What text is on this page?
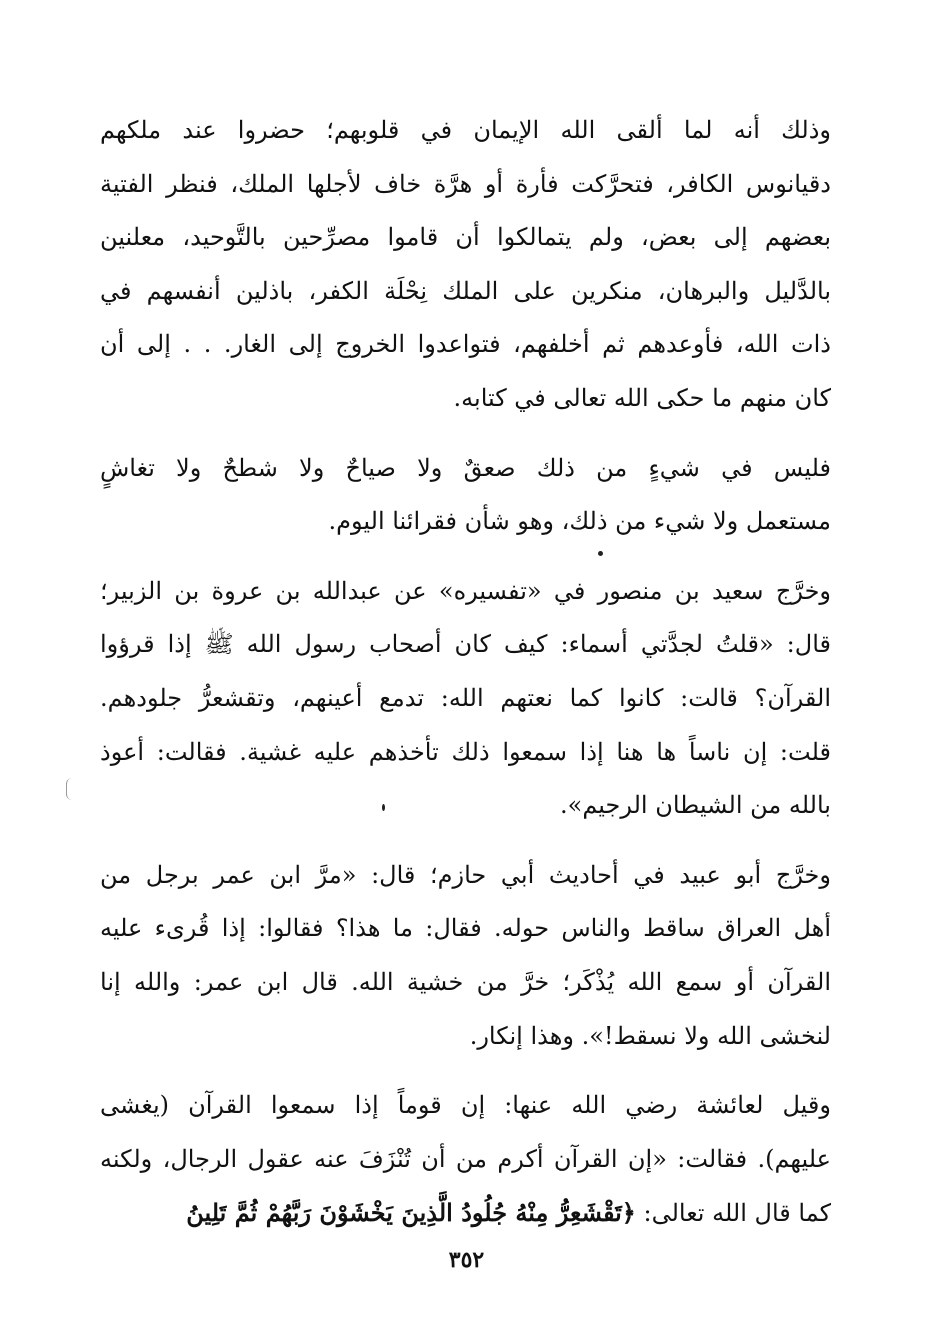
وذلك أنه لما ألقى الله الإيمان في قلوبهم؛ حضروا عند ملكهم
دقيانوس الكافر، فتحرَّكت فأرة أو هرَّة خاف لأجلها الملك، فنظر الفتية
بعضهم إلى بعض، ولم يتمالكوا أن قاموا مصرِّحين بالتَّوحيد، معلنين
بالدَّليل والبرهان، منكرين على الملك نِحْلَة الكفر، باذلين أنفسهم في
ذات الله، فأوعدهم ثم أخلفهم، فتواعدوا الخروج إلى الغار. . . إلى أن
كان منهم ما حكى الله تعالى في كتابه.
فليس في شيءٍ من ذلك صعقٌ ولا صياحٌ ولا شطحٌ ولا تغاشٍ
مستعمل ولا شيء من ذلك، وهو شأن فقرائنا اليوم.
وخرَّج سعيد بن منصور في «تفسيره» عن عبدالله بن عروة بن الزبير؛
قال: «قلتُ لجدَّتي أسماء: كيف كان أصحاب رسول الله ﷺ إذا قرؤوا
القرآن؟ قالت: كانوا كما نعتهم الله: تدمع أعينهم، وتقشعرُّ جلودهم.
قلت: إن ناساً ها هنا إذا سمعوا ذلك تأخذهم عليه غشية. فقالت: أعوذ
بالله من الشيطان الرجيم».
وخرَّج أبو عبيد في أحاديث أبي حازم؛ قال: «مرَّ ابن عمر برجل من
أهل العراق ساقط والناس حوله. فقال: ما هذا؟ فقالوا: إذا قُرىء عليه
القرآن أو سمع الله يُذْكَر؛ خرَّ من خشية الله. قال ابن عمر: والله إنا
لنخشى الله ولا نسقط!». وهذا إنكار.
وقيل لعائشة رضي الله عنها: إن قوماً إذا سمعوا القرآن (يغشى
عليهم). فقالت: «إن القرآن أكرم من أن تُنْزَفَ عنه عقول الرجال، ولكنه
كما قال الله تعالى: ﴿تَقْشَعِرُّ مِنْهُ جُلُودُ الَّذِينَ يَخْشَوْنَ رَبَّهُمْ ثُمَّ تَلِينُ
٣٥٢
